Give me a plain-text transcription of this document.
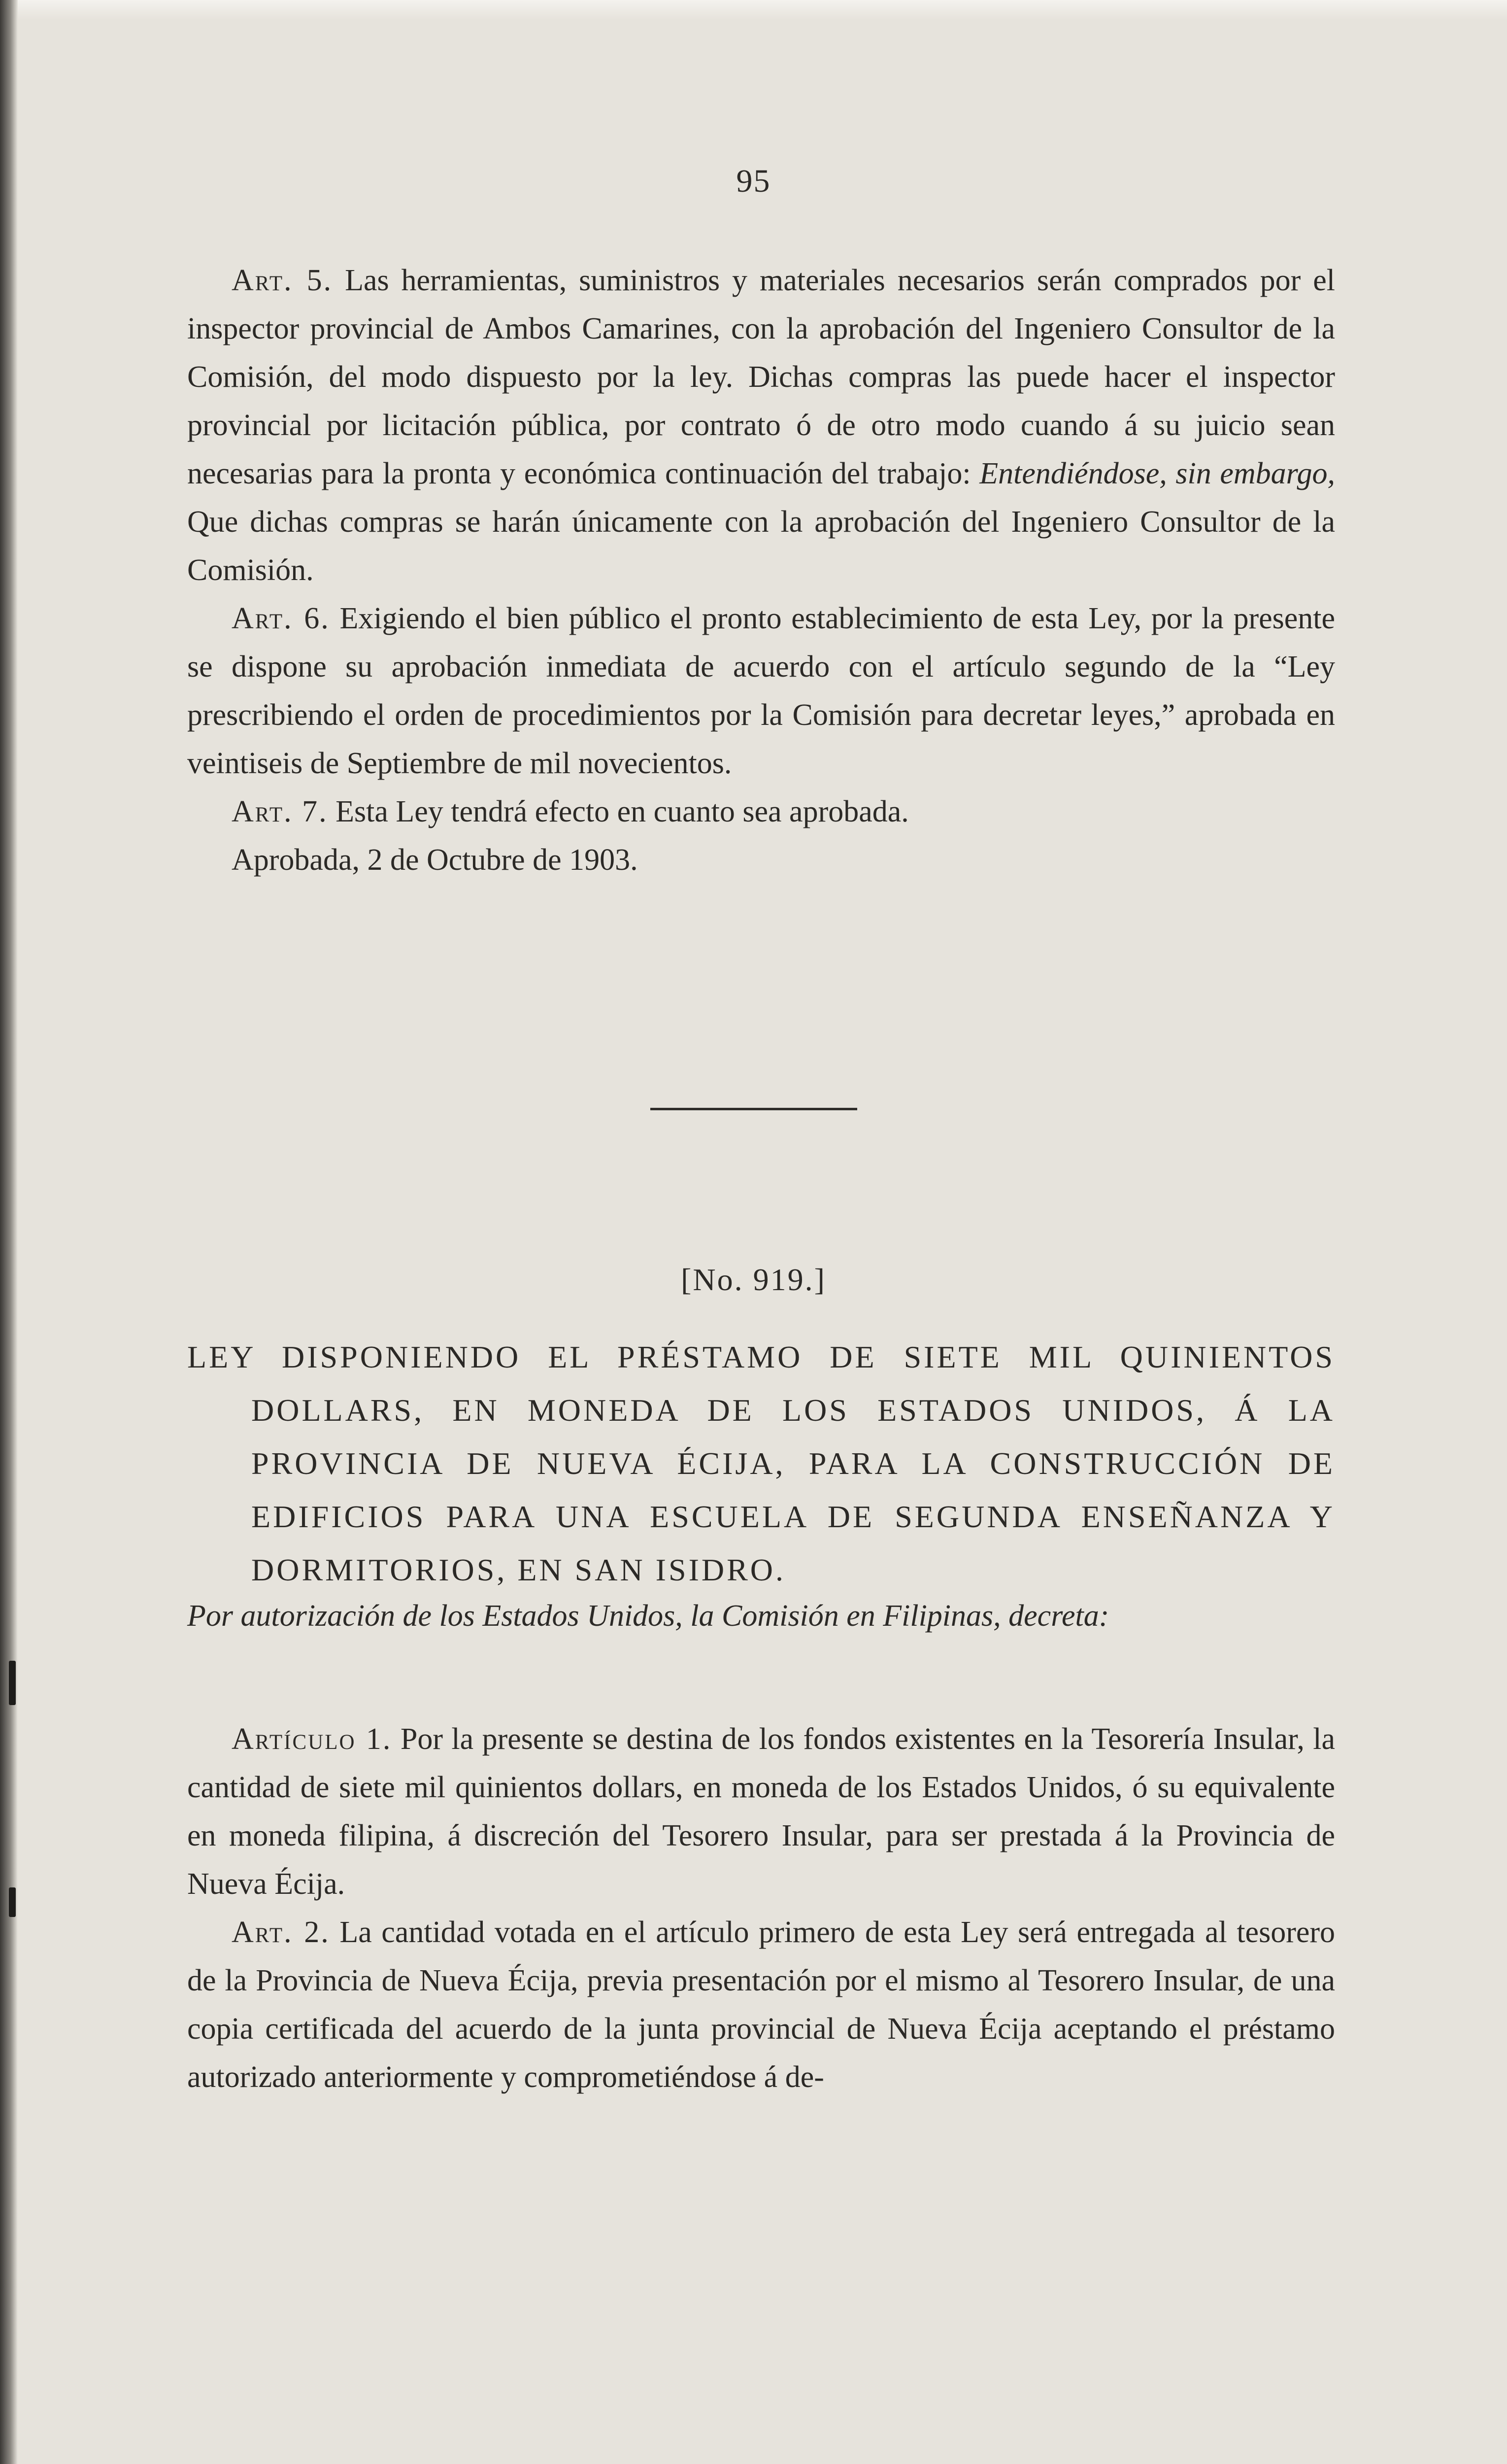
95

Art. 5. Las herramientas, suministros y materiales necesarios serán comprados por el inspector provincial de Ambos Camarines, con la aprobación del Ingeniero Consultor de la Comisión, del modo dispuesto por la ley. Dichas compras las puede hacer el inspector provincial por licitación pública, por contrato ó de otro modo cuando á su juicio sean necesarias para la pronta y económica continuación del trabajo: Entendiéndose, sin embargo, Que dichas compras se harán únicamente con la aprobación del Ingeniero Consultor de la Comisión.

Art. 6. Exigiendo el bien público el pronto establecimiento de esta Ley, por la presente se dispone su aprobación inmediata de acuerdo con el artículo segundo de la “Ley prescribiendo el orden de procedimientos por la Comisión para decretar leyes,” aprobada en veintiseis de Septiembre de mil novecientos.

Art. 7. Esta Ley tendrá efecto en cuanto sea aprobada.

Aprobada, 2 de Octubre de 1903.

[No. 919.]
LEY DISPONIENDO EL PRÉSTAMO DE SIETE MIL QUINIENTOS DOLLARS, EN MONEDA DE LOS ESTADOS UNIDOS, Á LA PROVINCIA DE NUEVA ÉCIJA, PARA LA CONSTRUCCIÓN DE EDIFICIOS PARA UNA ESCUELA DE SEGUNDA ENSEÑANZA Y DORMITORIOS, EN SAN ISIDRO.
Por autorización de los Estados Unidos, la Comisión en Filipinas, decreta:

Artículo 1. Por la presente se destina de los fondos existentes en la Tesorería Insular, la cantidad de siete mil quinientos dollars, en moneda de los Estados Unidos, ó su equivalente en moneda filipina, á discreción del Tesorero Insular, para ser prestada á la Provincia de Nueva Écija.

Art. 2. La cantidad votada en el artículo primero de esta Ley será entregada al tesorero de la Provincia de Nueva Écija, previa presentación por el mismo al Tesorero Insular, de una copia certificada del acuerdo de la junta provincial de Nueva Écija aceptando el préstamo autorizado anteriormente y comprometiéndose á de-
